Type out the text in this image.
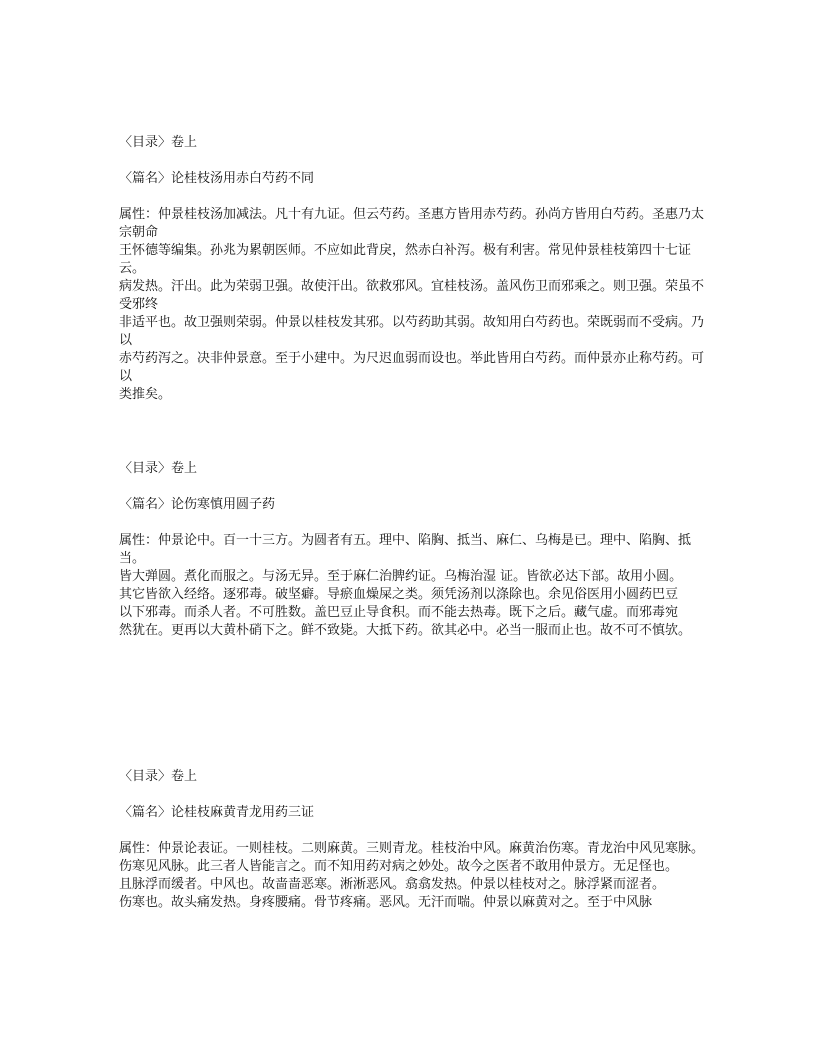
〈目录〉卷上

〈篇名〉论桂枝汤用赤白芍药不同

属性：仲景桂枝汤加减法。凡十有九证。但云芍药。圣惠方皆用赤芍药。孙尚方皆用白芍药。圣惠乃太宗朝命

王怀德等编集。孙兆为累朝医师。不应如此背戾，然赤白补泻。极有利害。常见仲景桂枝第四十七证云。

病发热。汗出。此为荣弱卫强。故使汗出。欲救邪风。宜桂枝汤。盖风伤卫而邪乘之。则卫强。荣虽不受邪终

非适平也。故卫强则荣弱。仲景以桂枝发其邪。以芍药助其弱。故知用白芍药也。荣既弱而不受病。乃以

赤芍药泻之。决非仲景意。至于小建中。为尺迟血弱而设也。举此皆用白芍药。而仲景亦止称芍药。可以

类推矣。

〈目录〉卷上

〈篇名〉论伤寒慎用圆子药

属性：仲景论中。百一十三方。为圆者有五。理中、陷胸、抵当、麻仁、乌梅是已。理中、陷胸、抵当。

皆大弹圆。煮化而服之。与汤无异。至于麻仁治脾约证。乌梅治湿 证。皆欲必达下部。故用小圆。

其它皆欲入经络。逐邪毒。破坚癖。导瘀血燥屎之类。须凭汤剂以涤除也。余见俗医用小圆药巴豆

以下邪毒。而杀人者。不可胜数。盖巴豆止导食积。而不能去热毒。既下之后。藏气虚。而邪毒宛

然犹在。更再以大黄朴硝下之。鲜不致毙。大抵下药。欲其必中。必当一服而止也。故不可不慎欤。

〈目录〉卷上

〈篇名〉论桂枝麻黄青龙用药三证

属性：仲景论表证。一则桂枝。二则麻黄。三则青龙。桂枝治中风。麻黄治伤寒。青龙治中风见寒脉。

伤寒见风脉。此三者人皆能言之。而不知用药对病之妙处。故今之医者不敢用仲景方。无足怪也。

且脉浮而缓者。中风也。故啬啬恶寒。淅淅恶风。翕翕发热。仲景以桂枝对之。脉浮紧而涩者。

伤寒也。故头痛发热。身疼腰痛。骨节疼痛。恶风。无汗而喘。仲景以麻黄对之。至于中风脉
